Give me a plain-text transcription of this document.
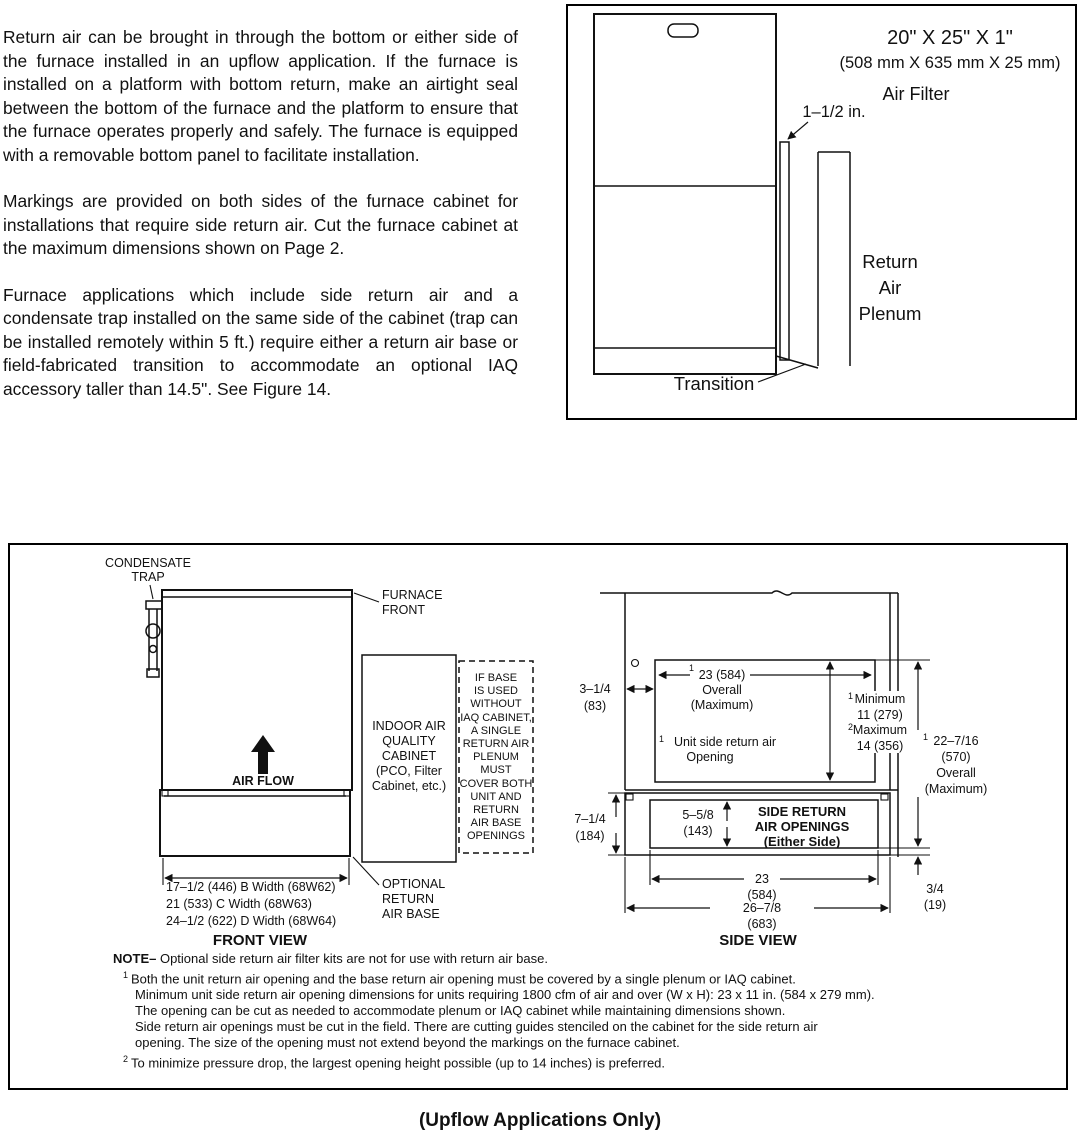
Return air can be brought in through the bottom or either side of the furnace installed in an upflow application. If the furnace is installed on a platform with bottom return, make an airtight seal between the bottom of the furnace and the platform to ensure that the furnace operates properly and safely. The furnace is equipped with a removable bottom panel to facilitate installation.

Markings are provided on both sides of the furnace cabinet for installations that require side return air. Cut the furnace cabinet at the maximum dimensions shown on Page 2.

Furnace applications which include side return air and a condensate trap installed on the same side of the cabinet (trap can be installed remotely within 5 ft.) require either a return air base or field-fabricated transition to accommodate an optional IAQ accessory taller than 14.5". See Figure 14.

20" X 25" X 1"
(508 mm X 635 mm X 25 mm)
Air Filter
1–1/2 in.
Return
Air
Plenum
Transition
CONDENSATE
TRAP
FURNACE
FRONT
AIR FLOW
INDOOR AIR
QUALITY
CABINET
(PCO, Filter
Cabinet, etc.)
IF BASE
IS USED
WITHOUT
IAQ CABINET,
A SINGLE
RETURN AIR
PLENUM
MUST
COVER BOTH
UNIT AND
RETURN
AIR BASE
OPENINGS
17–1/2 (446) B Width (68W62)
21 (533) C Width (68W63)
24–1/2 (622) D Width (68W64)
OPTIONAL
RETURN
AIR BASE
FRONT VIEW
3–1/4
(83)
1 23 (584)
Overall
(Maximum)
1 Minimum
11 (279)
2 Maximum
14 (356)
1 Unit side return air
Opening
1 22–7/16
(570)
Overall
(Maximum)
7–1/4
(184)
5–5/8
(143)
SIDE RETURN
AIR OPENINGS
(Either Side)
23
(584)
26–7/8
(683)
3/4
(19)
SIDE VIEW
NOTE– Optional side return air filter kits are not for use with return air base.
$^1$ Both the unit return air opening and the base return air opening must be covered by a single plenum or IAQ cabinet.
Minimum unit side return air opening dimensions for units requiring 1800 cfm of air and over (W x H): 23 x 11 in. (584 x 279 mm).
The opening can be cut as needed to accommodate plenum or IAQ cabinet while maintaining dimensions shown.
Side return air openings must be cut in the field. There are cutting guides stenciled on the cabinet for the side return air
opening. The size of the opening must not extend beyond the markings on the furnace cabinet.
$^2$ To minimize pressure drop, the largest opening height possible (up to 14 inches) is preferred.
(Upflow Applications Only)
